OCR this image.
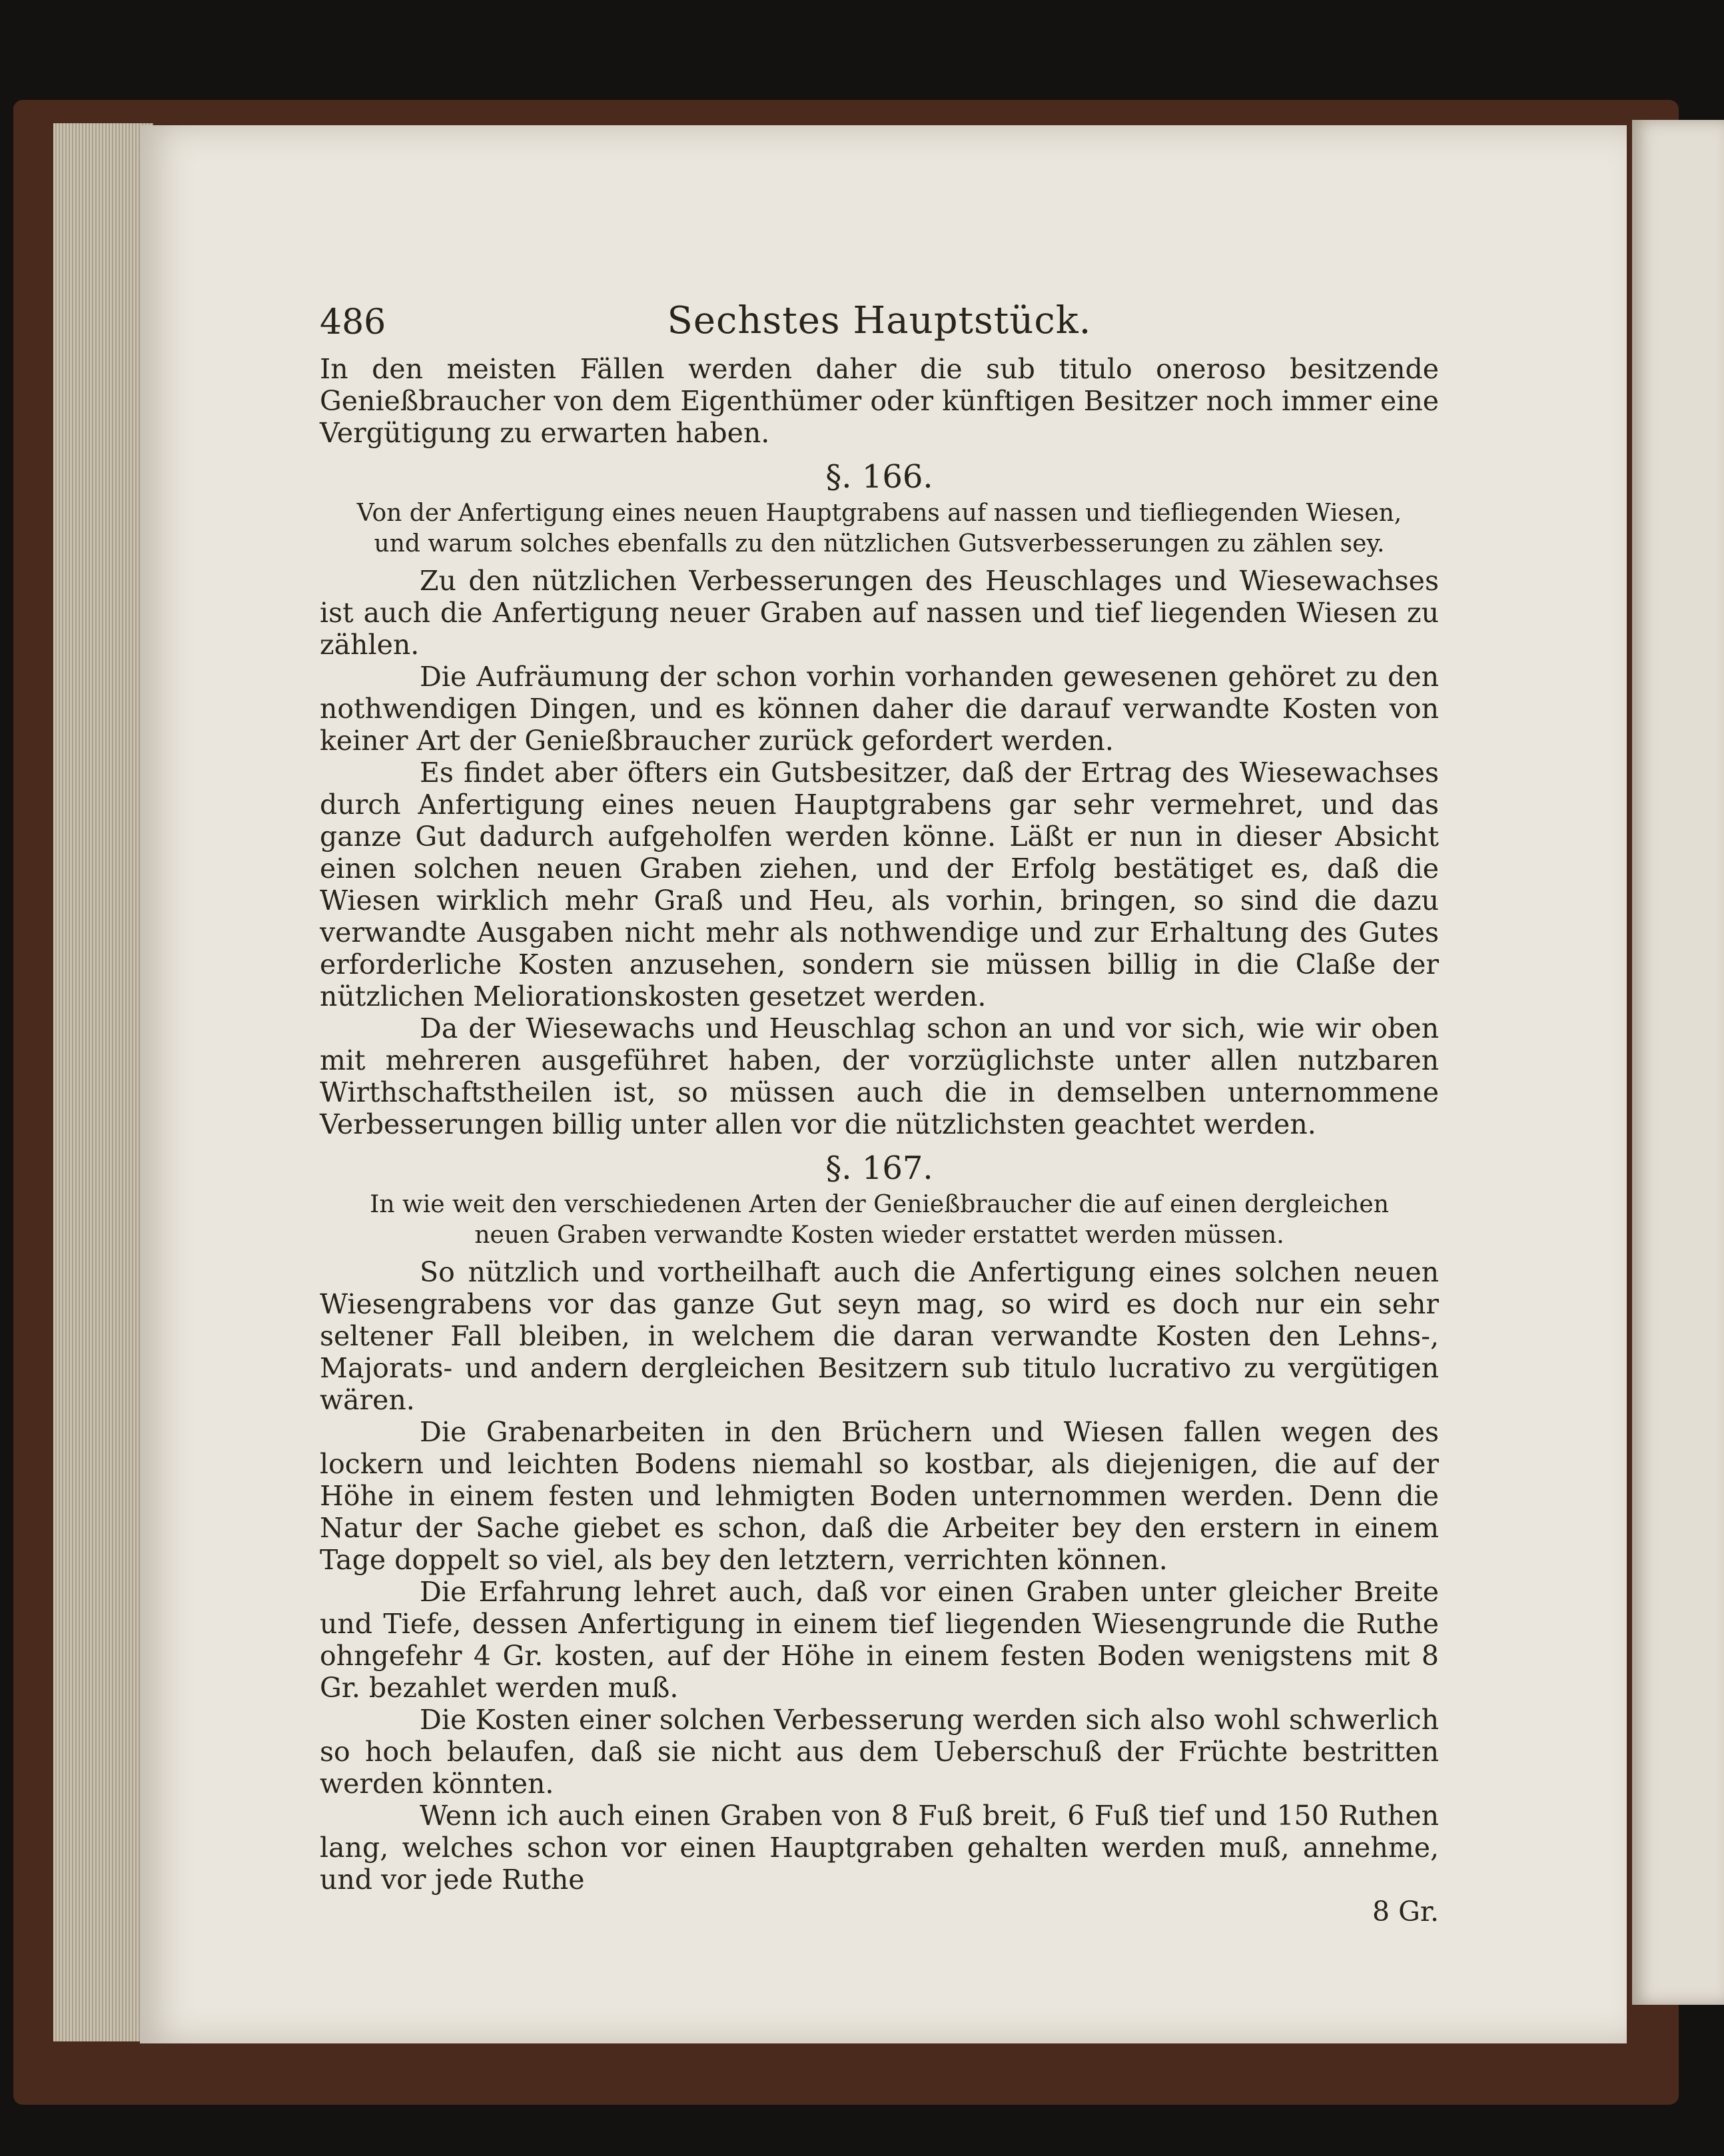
486	Sechstes Hauptstück.

In den meisten Fällen werden daher die sub titulo oneroso besitzende Genießbraucher von dem Eigenthümer oder künftigen Besitzer noch immer eine Vergütigung zu erwarten haben.

§. 166.
Von der Anfertigung eines neuen Hauptgrabens auf nassen und tiefliegenden Wiesen, und warum solches ebenfalls zu den nützlichen Gutsverbesserungen zu zählen sey.

Zu den nützlichen Verbesserungen des Heuschlages und Wiesewachses ist auch die Anfertigung neuer Graben auf nassen und tief liegenden Wiesen zu zählen.

Die Aufräumung der schon vorhin vorhanden gewesenen gehöret zu den nothwendigen Dingen, und es können daher die darauf verwandte Kosten von keiner Art der Genießbraucher zurück gefordert werden.

Es findet aber öfters ein Gutsbesitzer, daß der Ertrag des Wiesewachses durch Anfertigung eines neuen Hauptgrabens gar sehr vermehret, und das ganze Gut dadurch aufgeholfen werden könne. Läßt er nun in dieser Absicht einen solchen neuen Graben ziehen, und der Erfolg bestätiget es, daß die Wiesen wirklich mehr Graß und Heu, als vorhin, bringen, so sind die dazu verwandte Ausgaben nicht mehr als nothwendige und zur Erhaltung des Gutes erforderliche Kosten anzusehen, sondern sie müssen billig in die Claße der nützlichen Meliorationskosten gesetzet werden.

Da der Wiesewachs und Heuschlag schon an und vor sich, wie wir oben mit mehreren ausgeführet haben, der vorzüglichste unter allen nutzbaren Wirthschaftstheilen ist, so müssen auch die in demselben unternommene Verbesserungen billig unter allen vor die nützlichsten geachtet werden.

§. 167.
In wie weit den verschiedenen Arten der Genießbraucher die auf einen dergleichen neuen Graben verwandte Kosten wieder erstattet werden müssen.

So nützlich und vortheilhaft auch die Anfertigung eines solchen neuen Wiesengrabens vor das ganze Gut seyn mag, so wird es doch nur ein sehr seltener Fall bleiben, in welchem die daran verwandte Kosten den Lehns-, Majorats- und andern dergleichen Besitzern sub titulo lucrativo zu vergütigen wären.

Die Grabenarbeiten in den Brüchern und Wiesen fallen wegen des lockern und leichten Bodens niemahl so kostbar, als diejenigen, die auf der Höhe in einem festen und lehmigten Boden unternommen werden. Denn die Natur der Sache giebet es schon, daß die Arbeiter bey den erstern in einem Tage doppelt so viel, als bey den letztern, verrichten können.

Die Erfahrung lehret auch, daß vor einen Graben unter gleicher Breite und Tiefe, dessen Anfertigung in einem tief liegenden Wiesengrunde die Ruthe ohngefehr 4 Gr. kosten, auf der Höhe in einem festen Boden wenigstens mit 8 Gr. bezahlet werden muß.

Die Kosten einer solchen Verbesserung werden sich also wohl schwerlich so hoch belaufen, daß sie nicht aus dem Ueberschuß der Früchte bestritten werden könnten.

Wenn ich auch einen Graben von 8 Fuß breit, 6 Fuß tief und 150 Ruthen lang, welches schon vor einen Hauptgraben gehalten werden muß, annehme, und vor jede Ruthe

8 Gr.
